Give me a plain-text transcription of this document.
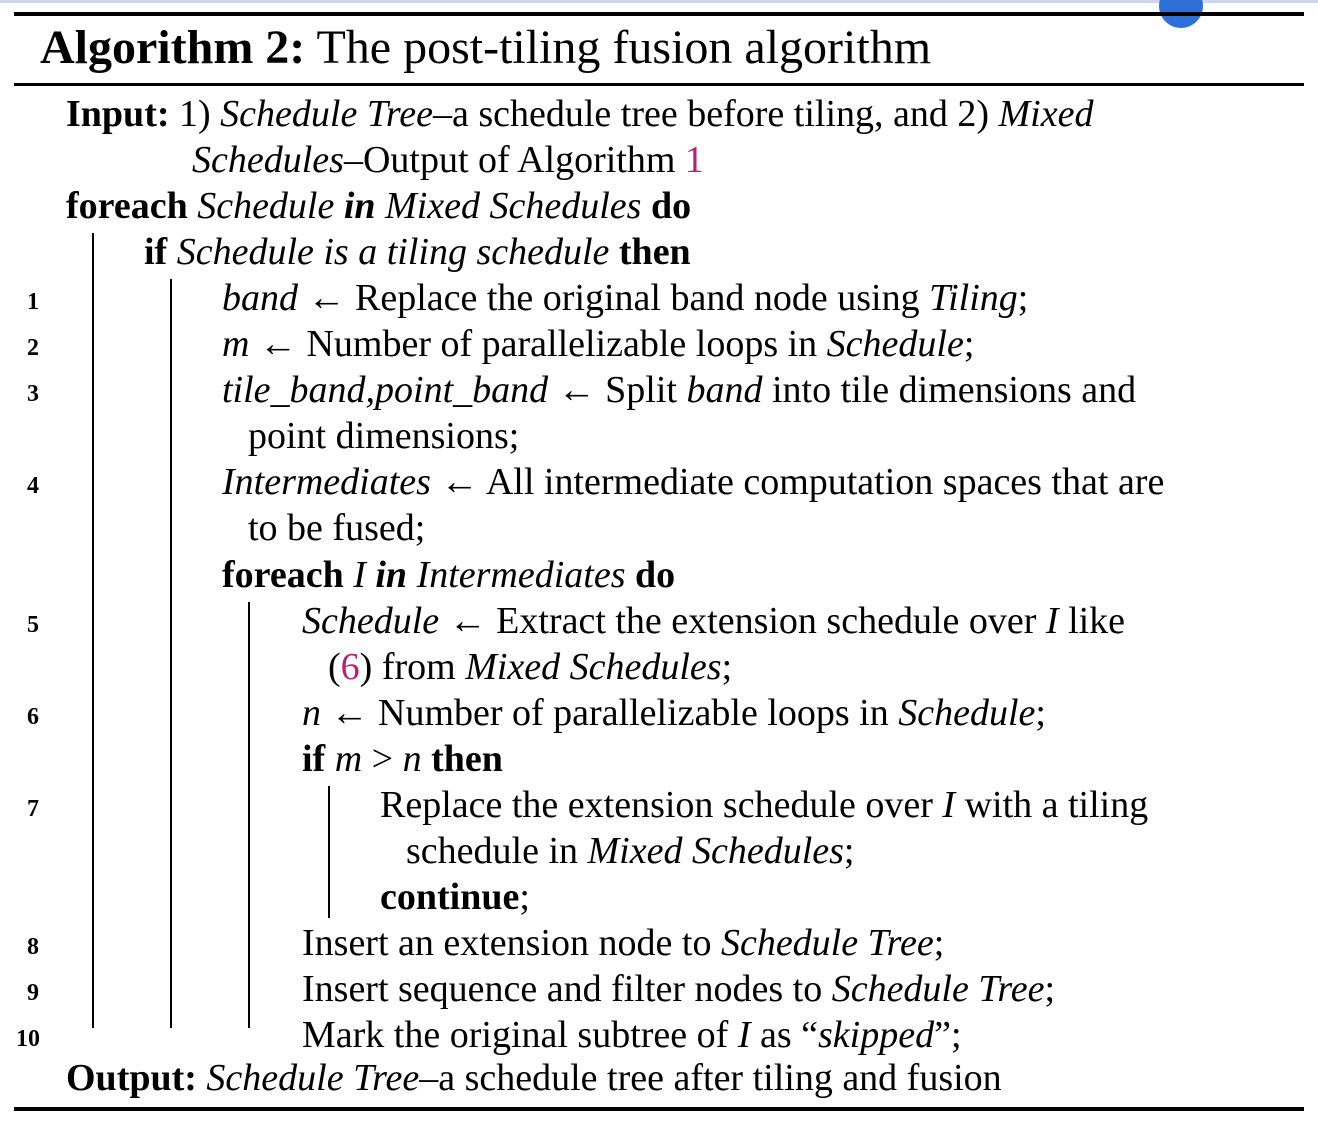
Algorithm 2: The post-tiling fusion algorithm
Input: 1) Schedule Tree–a schedule tree before tiling, and 2) Mixed
Schedules–Output of Algorithm 1
foreach Schedule in Mixed Schedules do
if Schedule is a tiling schedule then
1
2
3
4
5
6
7
8
9
10
band ← Replace the original band node using Tiling;
m ← Number of parallelizable loops in Schedule;
tile_band,point_band ← Split band into tile dimensions and
point dimensions;
Intermediates ← All intermediate computation spaces that are
to be fused;
foreach I in Intermediates do
Schedule ← Extract the extension schedule over I like
(6) from Mixed Schedules;
n ← Number of parallelizable loops in Schedule;
if m > n then
Replace the extension schedule over I with a tiling
schedule in Mixed Schedules;
continue;
Insert an extension node to Schedule Tree;
Insert sequence and filter nodes to Schedule Tree;
Mark the original subtree of I as “skipped”;
Output: Schedule Tree–a schedule tree after tiling and fusion
